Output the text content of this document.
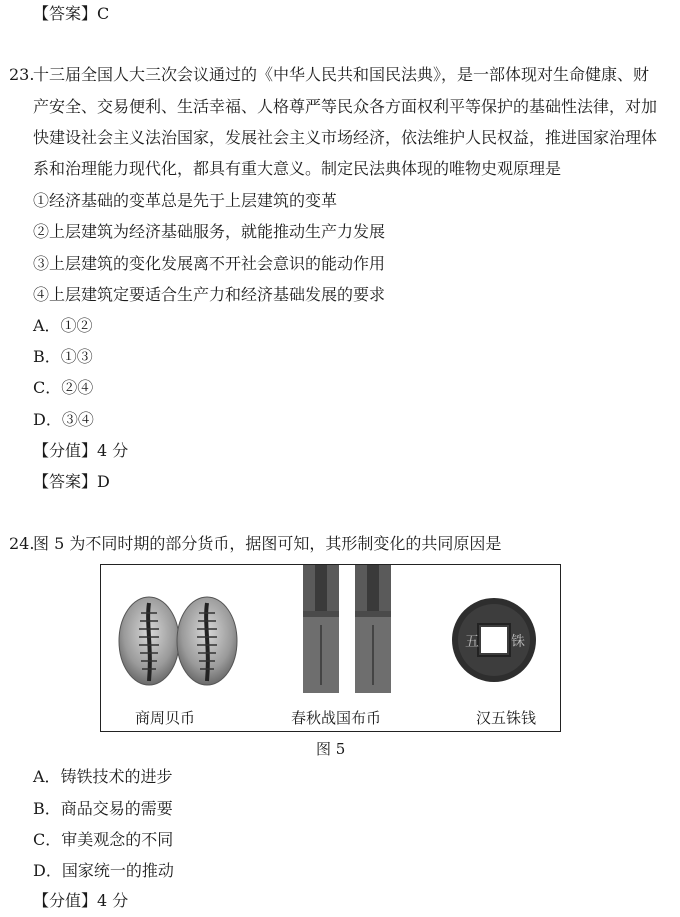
【答案】C
23.
十三届全国人大三次会议通过的《中华人民共和国民法典》，是一部体现对生命健康、财
产安全、交易便利、生活幸福、人格尊严等民众各方面权利平等保护的基础性法律，对加
快建设社会主义法治国家，发展社会主义市场经济，依法维护人民权益，推进国家治理体
系和治理能力现代化，都具有重大意义。制定民法典体现的唯物史观原理是
①经济基础的变革总是先于上层建筑的变革
②上层建筑为经济基础服务，就能推动生产力发展
③上层建筑的变化发展离不开社会意识的能动作用
④上层建筑定要适合生产力和经济基础发展的要求
A．①②
B．①③
C．②④
D．③④
【分值】4 分
【答案】D
24.
图 5 为不同时期的部分货币，据图可知，其形制变化的共同原因是
五 铢
商周贝币	春秋战国布币	汉五铢钱
图 5
A．铸铁技术的进步
B．商品交易的需要
C．审美观念的不同
D．国家统一的推动
【分值】4 分
